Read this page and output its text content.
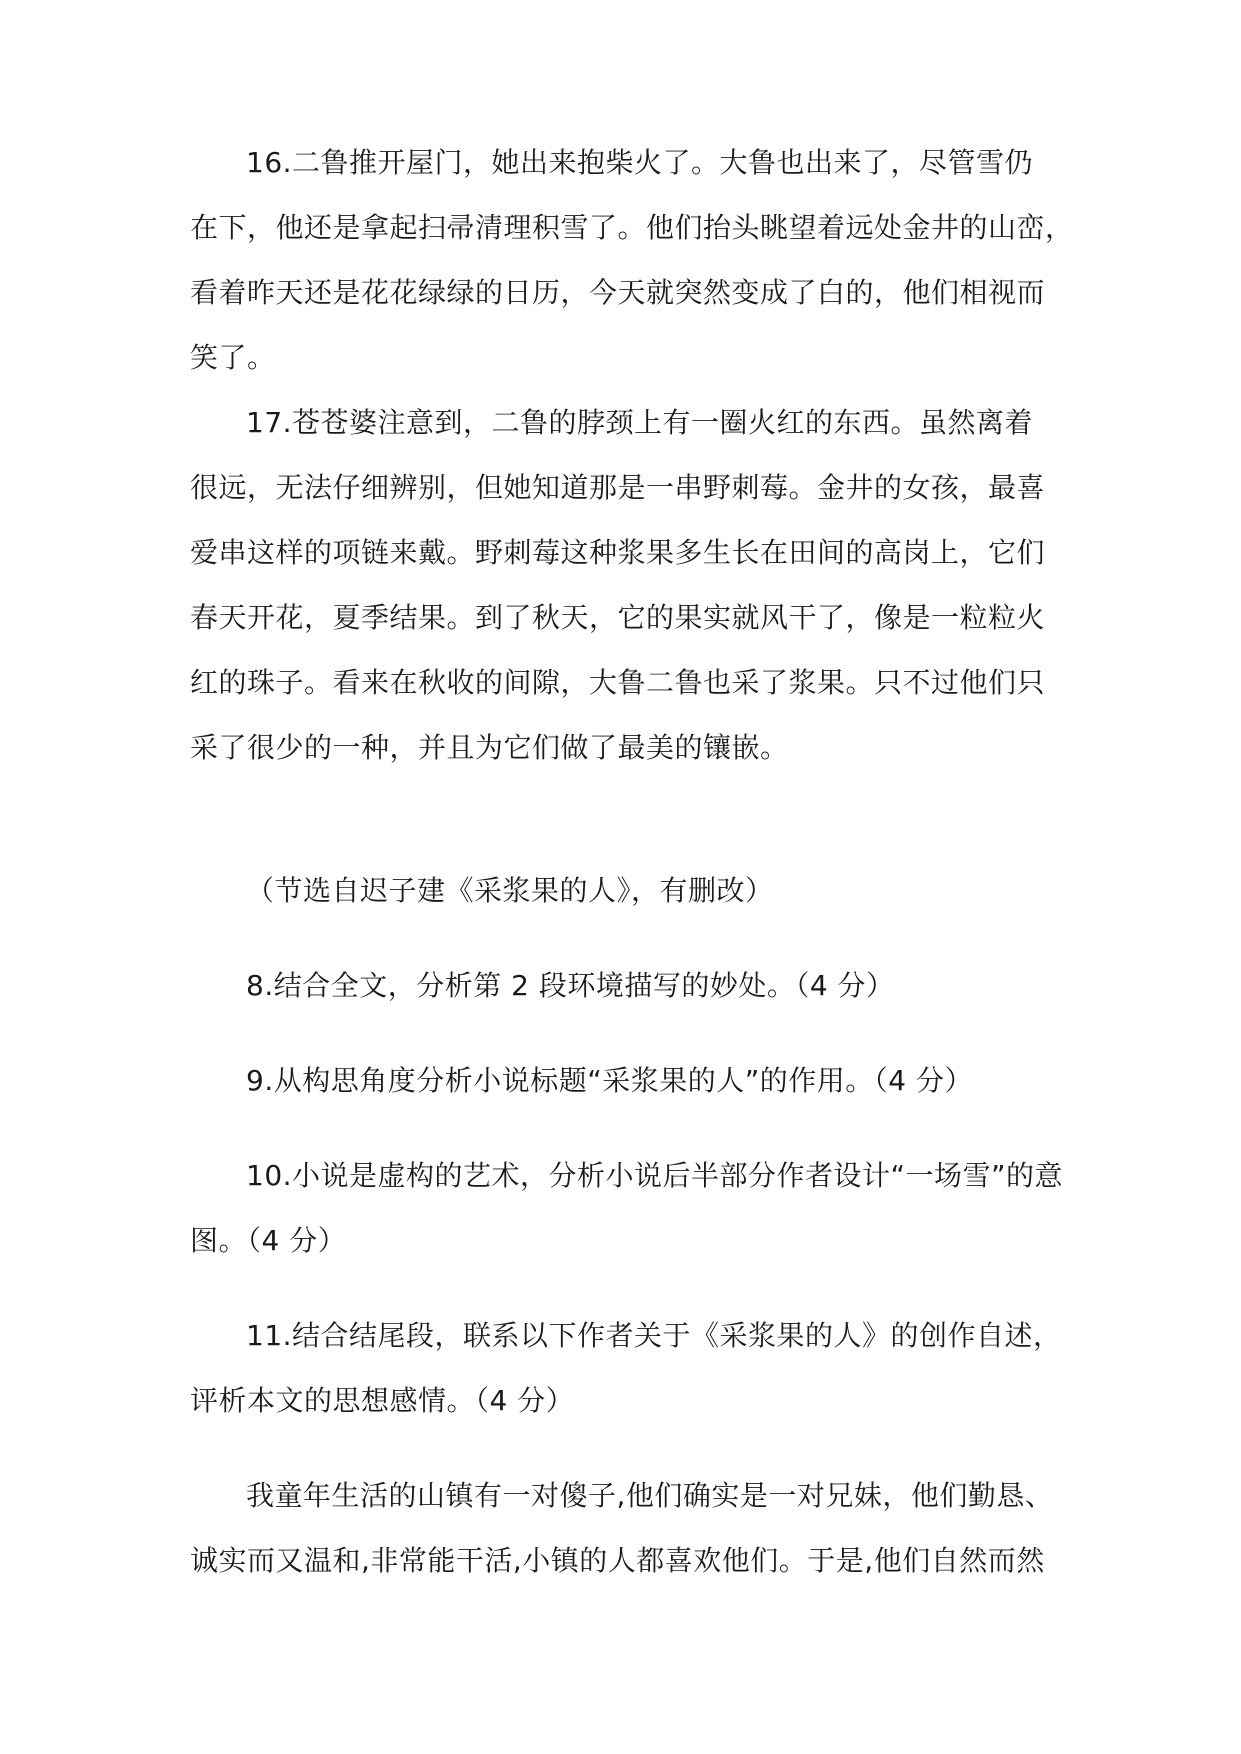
16.二鲁推开屋门，她出来抱柴火了。大鲁也出来了，尽管雪仍
在下，他还是拿起扫帚清理积雪了。他们抬头眺望着远处金井的山峦，
看着昨天还是花花绿绿的日历，今天就突然变成了白的，他们相视而
笑了。
17.苍苍婆注意到，二鲁的脖颈上有一圈火红的东西。虽然离着
很远，无法仔细辨别，但她知道那是一串野刺莓。金井的女孩，最喜
爱串这样的项链来戴。野刺莓这种浆果多生长在田间的高岗上，它们
春天开花，夏季结果。到了秋天，它的果实就风干了，像是一粒粒火
红的珠子。看来在秋收的间隙，大鲁二鲁也采了浆果。只不过他们只
采了很少的一种，并且为它们做了最美的镶嵌。
（节选自迟子建《采浆果的人》，有删改）
8.结合全文，分析第 2 段环境描写的妙处。（4 分）
9.从构思角度分析小说标题“采浆果的人”的作用。（4 分）
10.小说是虚构的艺术，分析小说后半部分作者设计“一场雪”的意
图。（4 分）
11.结合结尾段，联系以下作者关于《采浆果的人》的创作自述，
评析本文的思想感情。（4 分）
我童年生活的山镇有一对傻子,他们确实是一对兄妹，他们勤恳、
诚实而又温和,非常能干活,小镇的人都喜欢他们。于是,他们自然而然
